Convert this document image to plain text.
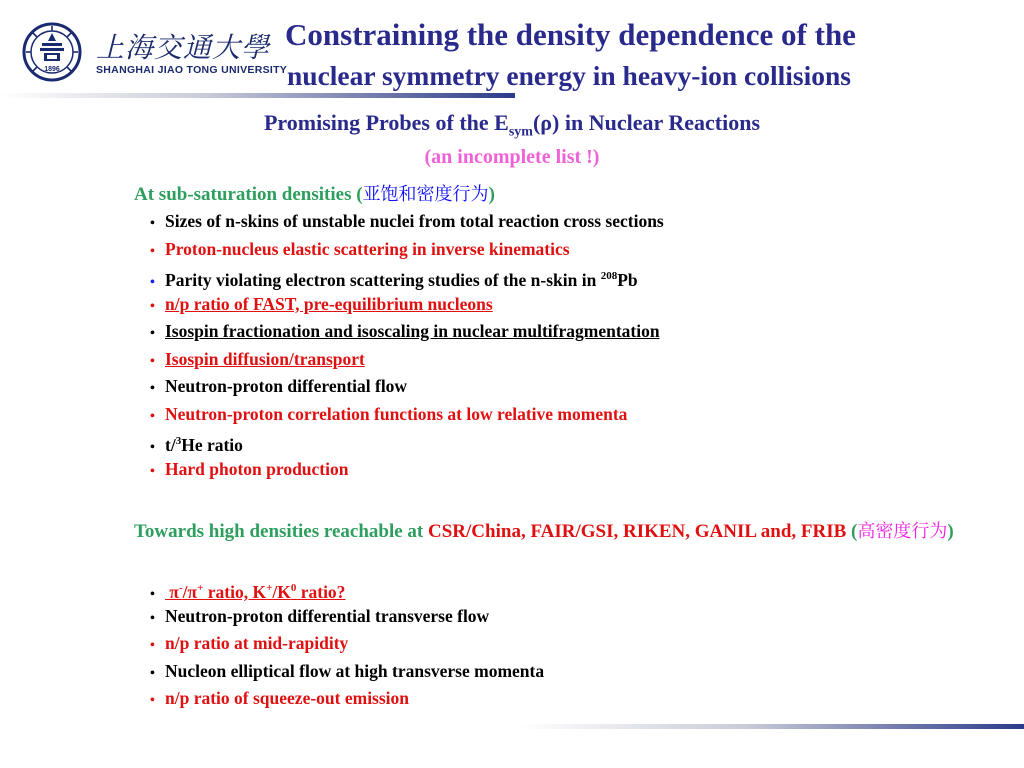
1896
上海交通大學
SHANGHAI JIAO TONG UNIVERSITY
Constraining the density dependence of the
nuclear symmetry energy in heavy-ion collisions
Promising Probes of the $E_{sym}(\rho)$ in Nuclear Reactions
(an incomplete list !)
At sub-saturation densities (亚饱和密度行为)
• Sizes of n-skins of unstable nuclei from total reaction cross sections
• Proton-nucleus elastic scattering in inverse kinematics
• Parity violating electron scattering studies of the n-skin in $^{208}$Pb
• n/p ratio of FAST, pre-equilibrium nucleons
• Isospin fractionation and isoscaling in nuclear multifragmentation
• Isospin diffusion/transport
• Neutron-proton differential flow
• Neutron-proton correlation functions at low relative momenta
• t/$^3$He ratio
• Hard photon production
Towards high densities reachable at CSR/China, FAIR/GSI, RIKEN, GANIL and, FRIB (高密度行为)
• π-/π+ ratio, $K^+/K^0$ ratio?
• Neutron-proton differential transverse flow
• n/p ratio at mid-rapidity
• Nucleon elliptical flow at high transverse momenta
• n/p ratio of squeeze-out emission
